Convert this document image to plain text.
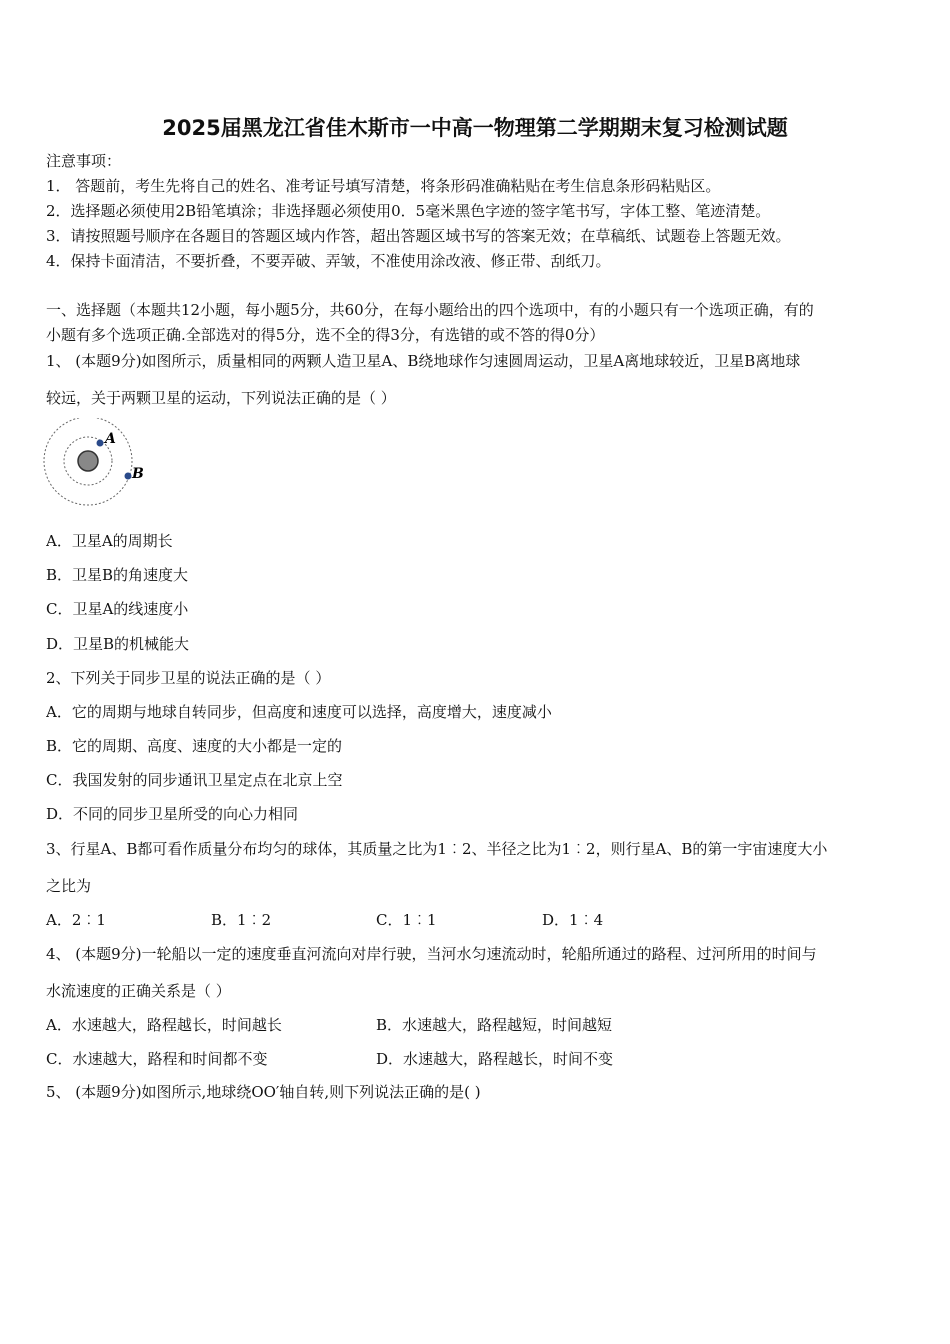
2025届黑龙江省佳木斯市一中高一物理第二学期期末复习检测试题
注意事项：
1． 答题前，考生先将自己的姓名、准考证号填写清楚，将条形码准确粘贴在考生信息条形码粘贴区。
2．选择题必须使用2B铅笔填涂；非选择题必须使用0．5毫米黑色字迹的签字笔书写，字体工整、笔迹清楚。
3．请按照题号顺序在各题目的答题区域内作答，超出答题区域书写的答案无效；在草稿纸、试题卷上答题无效。
4．保持卡面清洁，不要折叠，不要弄破、弄皱，不准使用涂改液、修正带、刮纸刀。
一、选择题（本题共12小题，每小题5分，共60分，在每小题给出的四个选项中，有的小题只有一个选项正确，有的
小题有多个选项正确.全部选对的得5分，选不全的得3分，有选错的或不答的得0分）
1、 (本题9分)如图所示，质量相同的两颗人造卫星A、B绕地球作匀速圆周运动，卫星A离地球较近，卫星B离地球
较远，关于两颗卫星的运动，下列说法正确的是（ ）
A
B
A．卫星A的周期长
B．卫星B的角速度大
C．卫星A的线速度小
D．卫星B的机械能大
2、下列关于同步卫星的说法正确的是（ ）
A．它的周期与地球自转同步，但高度和速度可以选择，高度增大，速度减小
B．它的周期、高度、速度的大小都是一定的
C．我国发射的同步通讯卫星定点在北京上空
D．不同的同步卫星所受的向心力相同
3、行星A、B都可看作质量分布均匀的球体，其质量之比为1︰2、半径之比为1︰2，则行星A、B的第一宇宙速度大小
之比为
A．2︰1	B．1︰2	C．1︰1	D．1︰4
4、 (本题9分)一轮船以一定的速度垂直河流向对岸行驶，当河水匀速流动时，轮船所通过的路程、过河所用的时间与
水流速度的正确关系是（ ）
A．水速越大，路程越长，时间越长	B．水速越大，路程越短，时间越短
C．水速越大，路程和时间都不变	D．水速越大，路程越长，时间不变
5、 (本题9分)如图所示,地球绕OO′轴自转,则下列说法正确的是( )
